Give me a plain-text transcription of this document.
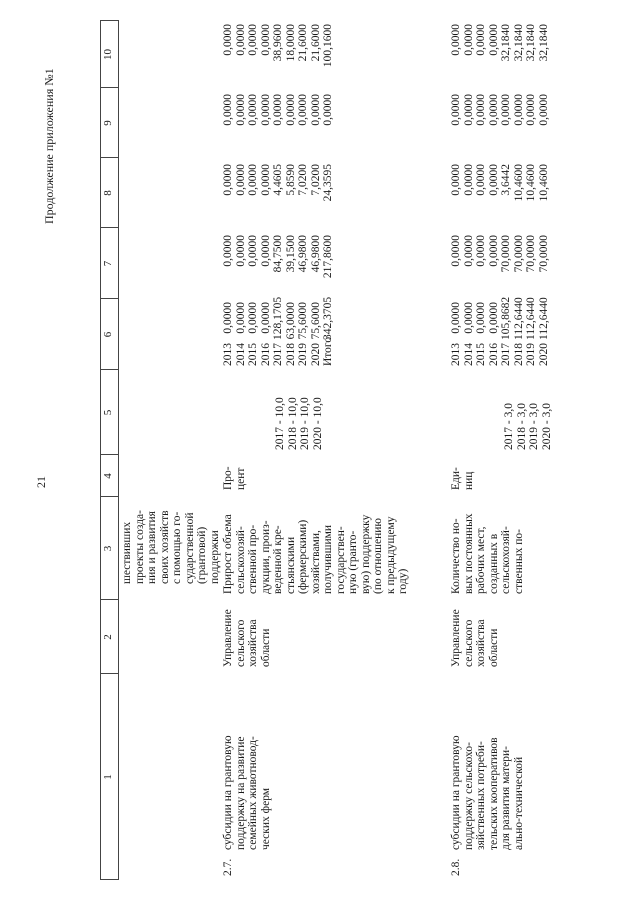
21
Продолжение приложения №1
1
2
3
4
5
6
7
8
9
10
шествивших проекты созда- ния и развития своих хозяйств с помощью го- сударственной (грантовой) поддержки
2.7.
субсидии на грантовую поддержку на развитие семейных животновод- ческих ферм
Управление сельского хозяйства области
Прирост объема сельскохозяй- ственной про- дукции, произ- веденной кре- стьянскими (фермерскими) хозяйствами, получившими государствен- ную (гранто- вую) поддержку (по отношению к предыдущему году)
Про- цент
2017 - 10,0 2018 - 10,0 2019 - 10,0 2020 - 10,0
2013 2014 2015 2016 2017 2018 2019 2020 Итого
0,0000 0,0000 0,0000 0,0000 128,1705 63,0000 75,6000 75,6000 342,3705
0,0000 0,0000 0,0000 0,0000 84,7500 39,1500 46,9800 46,9800 217,8600
0,0000 0,0000 0,0000 0,0000 4,4605 5,8590 7,0200 7,0200 24,3595
0,0000 0,0000 0,0000 0,0000 0,0000 0,0000 0,0000 0,0000 0,0000
0,0000 0,0000 0,0000 0,0000 38,9600 18,0000 21,6000 21,6000 100,1600
2.8.
субсидии на грантовую поддержку сельскохо- зяйственных потреби- тельских кооперативов для развития матери- ально-технической
Управление сельского хозяйства области
Количество но- вых постоянных рабочих мест, созданных в сельскохозяй- ственных по-
Еди- ниц
2017 - 3,0 2018 - 3,0 2019 - 3,0 2020 - 3,0
2013 2014 2015 2016 2017 2018 2019 2020
0,0000 0,0000 0,0000 0,0000 105,8682 112,6440 112,6440 112,6440
0,0000 0,0000 0,0000 0,0000 70,0000 70,0000 70,0000 70,0000
0,0000 0,0000 0,0000 0,0000 3,6442 10,4600 10,4600 10,4600
0,0000 0,0000 0,0000 0,0000 0,0000 0,0000 0,0000 0,0000
0,0000 0,0000 0,0000 0,0000 32,1840 32,1840 32,1840 32,1840
